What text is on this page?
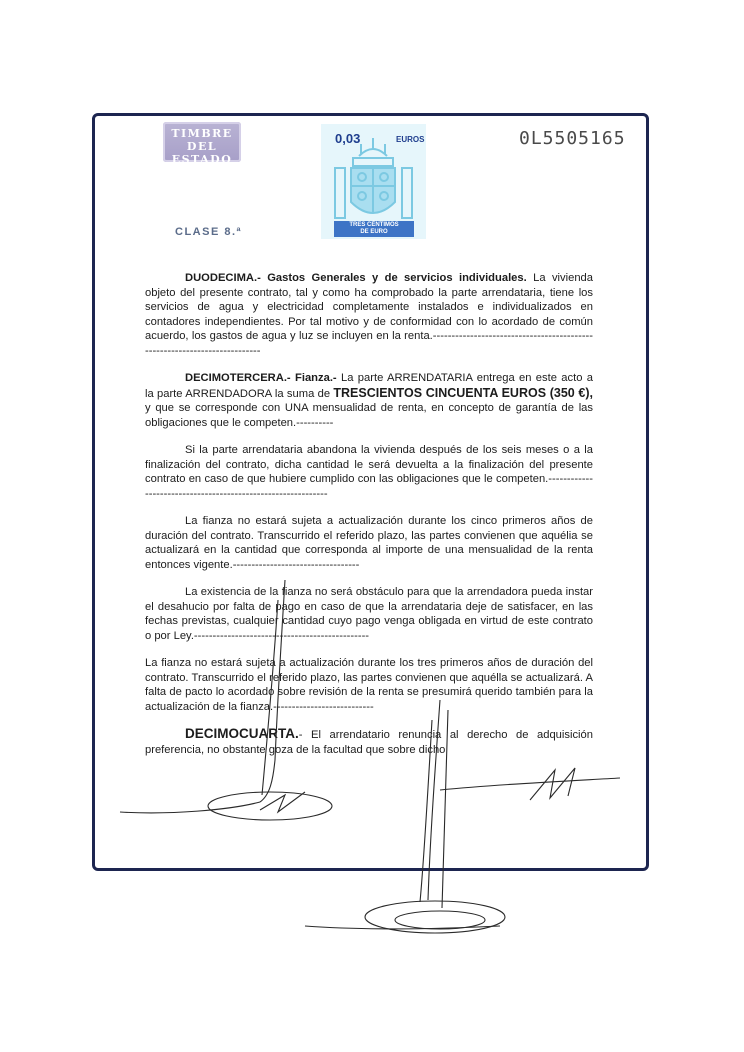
TIMBRE
DEL ESTADO
CLASE 8.ª
0,03	EUROS
TRES CÉNTIMOS
DE EURO
0L5505165

DUODECIMA.- Gastos Generales y de servicios individuales. La vivienda objeto del presente contrato, tal y como ha comprobado la parte arrendataria, tiene los servicios de agua y electricidad completamente instalados e individualizados en contadores independientes. Por tal motivo y de conformidad con lo acordado de común acuerdo, los gastos de agua y luz se incluyen en la renta.--------------------------------------------------------------------------

DECIMOTERCERA.- Fianza.- La parte ARRENDATARIA entrega en este acto a la parte ARRENDADORA la suma de TRESCIENTOS CINCUENTA EUROS (350 €), y que se corresponde con UNA mensualidad de renta, en concepto de garantía de las obligaciones que le competen.----------

Si la parte arrendataria abandona la vivienda después de los seis meses o a la finalización del contrato, dicha cantidad le será devuelta a la finalización del presente contrato en caso de que hubiere cumplido con las obligaciones que le competen.-------------------------------------------------------------

La fianza no estará sujeta a actualización durante los cinco primeros años de duración del contrato. Transcurrido el referido plazo, las partes convienen que aquélia se actualizará en la cantidad que corresponda al importe de una mensualidad de la renta entonces vigente.----------------------------------

La existencia de la fianza no será obstáculo para que la arrendadora pueda instar el desahucio por falta de pago en caso de que la arrendataria deje de satisfacer, en las fechas previstas, cualquier cantidad cuyo pago venga obligada en virtud de este contrato o por Ley.-----------------------------------------------

La fianza no estará sujeta a actualización durante los tres primeros años de duración del contrato. Transcurrido el referido plazo, las partes convienen que aquélla se actualizará. A falta de pacto lo acordado sobre revisión de la renta se presumirá querido también para la actualización de la fianza.---------------------------

DECIMOCUARTA.- El arrendatario renuncia al derecho de adquisición preferencia, no obstante goza de la facultad que sobre dicho
